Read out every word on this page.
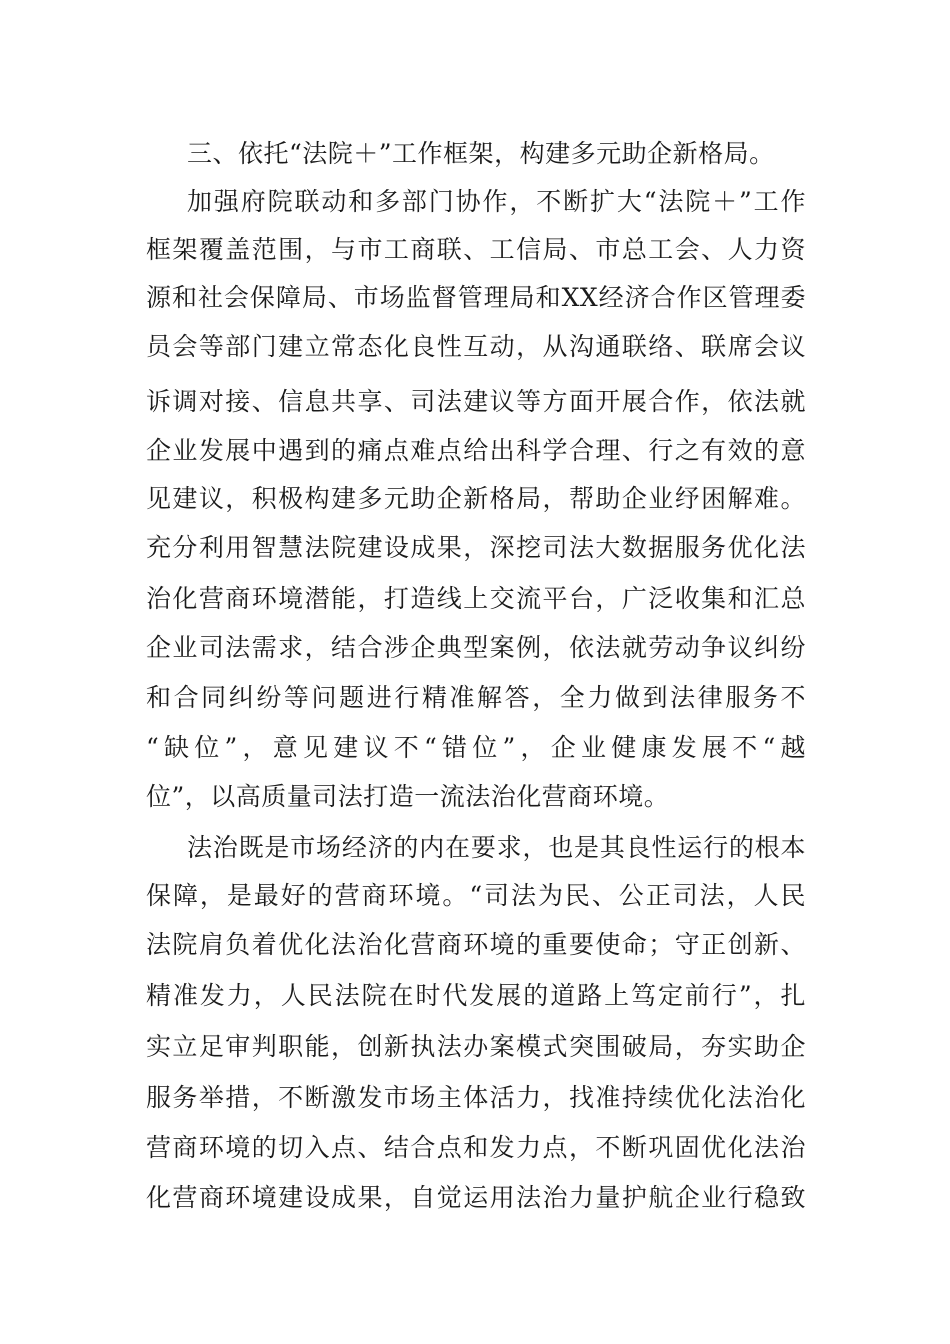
三、依托“法院＋”工作框架，构建多元助企新格局。
加强府院联动和多部门协作，不断扩大“法院＋”工作
框架覆盖范围，与市工商联、工信局、市总工会、人力资
源和社会保障局、市场监督管理局和XX经济合作区管理委
员会等部门建立常态化良性互动，从沟通联络、联席会议
诉调对接、信息共享、司法建议等方面开展合作，依法就
企业发展中遇到的痛点难点给出科学合理、行之有效的意
见建议，积极构建多元助企新格局，帮助企业纾困解难。
充分利用智慧法院建设成果，深挖司法大数据服务优化法
治化营商环境潜能，打造线上交流平台，广泛收集和汇总
企业司法需求，结合涉企典型案例，依法就劳动争议纠纷
和合同纠纷等问题进行精准解答，全力做到法律服务不
“缺位”，意见建议不“错位”，企业健康发展不“越
位”，以高质量司法打造一流法治化营商环境。
法治既是市场经济的内在要求，也是其良性运行的根本
保障，是最好的营商环境。“司法为民、公正司法，人民
法院肩负着优化法治化营商环境的重要使命；守正创新、
精准发力，人民法院在时代发展的道路上笃定前行”，扎
实立足审判职能，创新执法办案模式突围破局，夯实助企
服务举措，不断激发市场主体活力，找准持续优化法治化
营商环境的切入点、结合点和发力点，不断巩固优化法治
化营商环境建设成果，自觉运用法治力量护航企业行稳致
